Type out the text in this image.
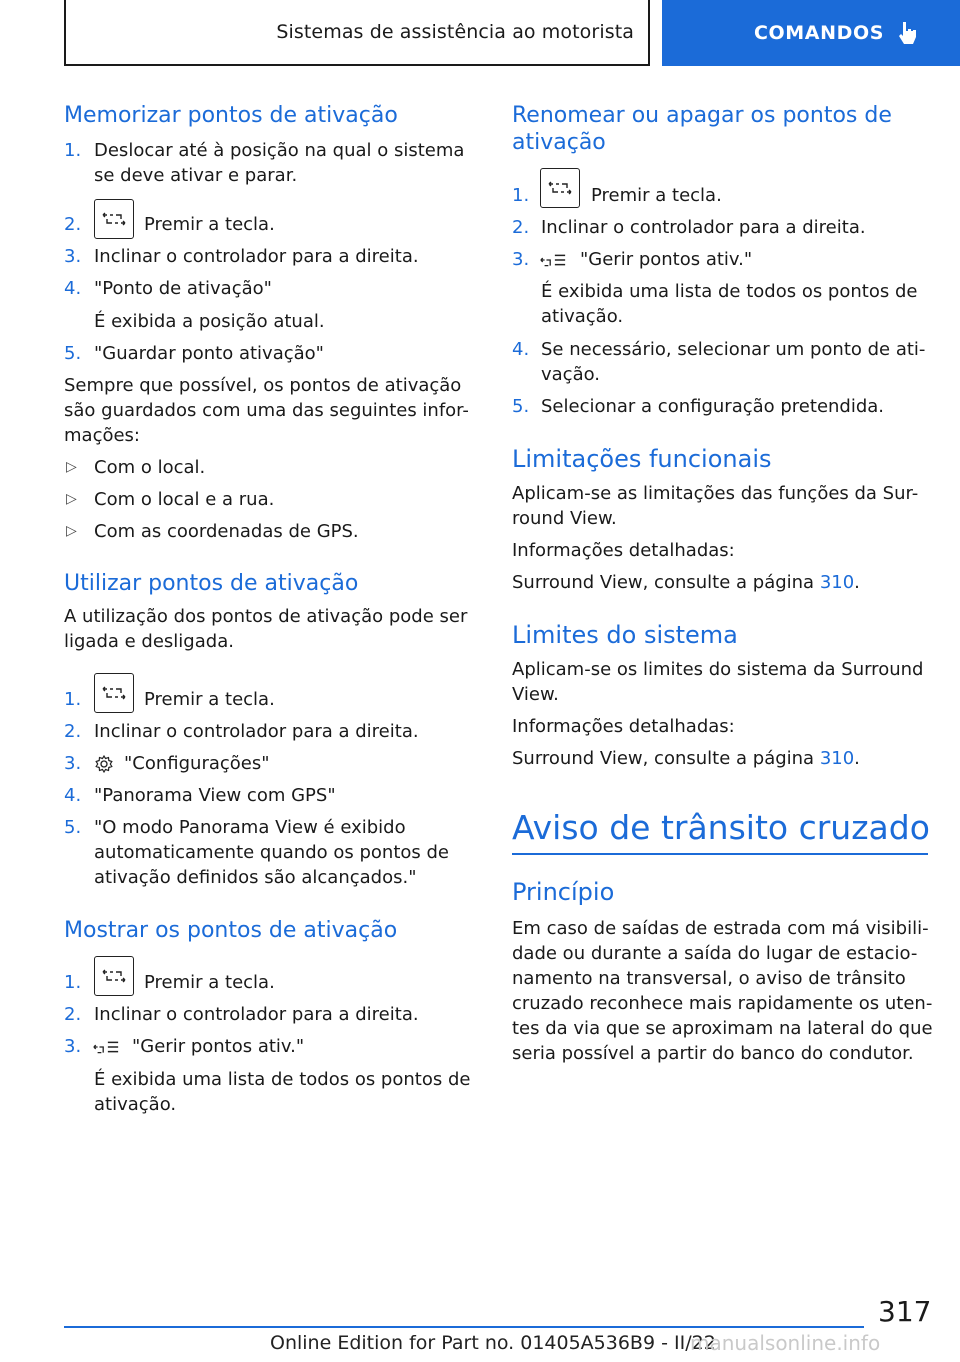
Sistemas de assistência ao motorista	COMANDOS
Memorizar pontos de ativação
1. Deslocar até à posição na qual o sistema
se deve ativar e parar.
2.	Premir a tecla.
3. Inclinar o controlador para a direita.
4. "Ponto de ativação"
É exibida a posição atual.
5. "Guardar ponto ativação"
Sempre que possível, os pontos de ativação
são guardados com uma das seguintes infor-
mações:
▷ Com o local.
▷ Com o local e a rua.
▷ Com as coordenadas de GPS.
Utilizar pontos de ativação
A utilização dos pontos de ativação pode ser
ligada e desligada.
1.	Premir a tecla.
2. Inclinar o controlador para a direita.
3. "Configurações"
4. "Panorama View com GPS"
5. "O modo Panorama View é exibido
automaticamente quando os pontos de
ativação definidos são alcançados."
Mostrar os pontos de ativação
1.	Premir a tecla.
2. Inclinar o controlador para a direita.
3.	"Gerir pontos ativ."
É exibida uma lista de todos os pontos de
ativação.
Renomear ou apagar os pontos de
ativação
1.	Premir a tecla.
2. Inclinar o controlador para a direita.
3.	"Gerir pontos ativ."
É exibida uma lista de todos os pontos de
ativação.
4. Se necessário, selecionar um ponto de ati-
vação.
5. Selecionar a configuração pretendida.
Limitações funcionais
Aplicam-se as limitações das funções da Sur-
round View.
Informações detalhadas:
Surround View, consulte a página 310.
Limites do sistema
Aplicam-se os limites do sistema da Surround
View.
Informações detalhadas:
Surround View, consulte a página 310.
Aviso de trânsito cruzado
Princípio
Em caso de saídas de estrada com má visibili-
dade ou durante a saída do lugar de estacio-
namento na transversal, o aviso de trânsito
cruzado reconhece mais rapidamente os uten-
tes da via que se aproximam na lateral do que
seria possível a partir do banco do condutor.
317
Online Edition for Part no. 01405A536B9 - II/22
manualsonline.info
